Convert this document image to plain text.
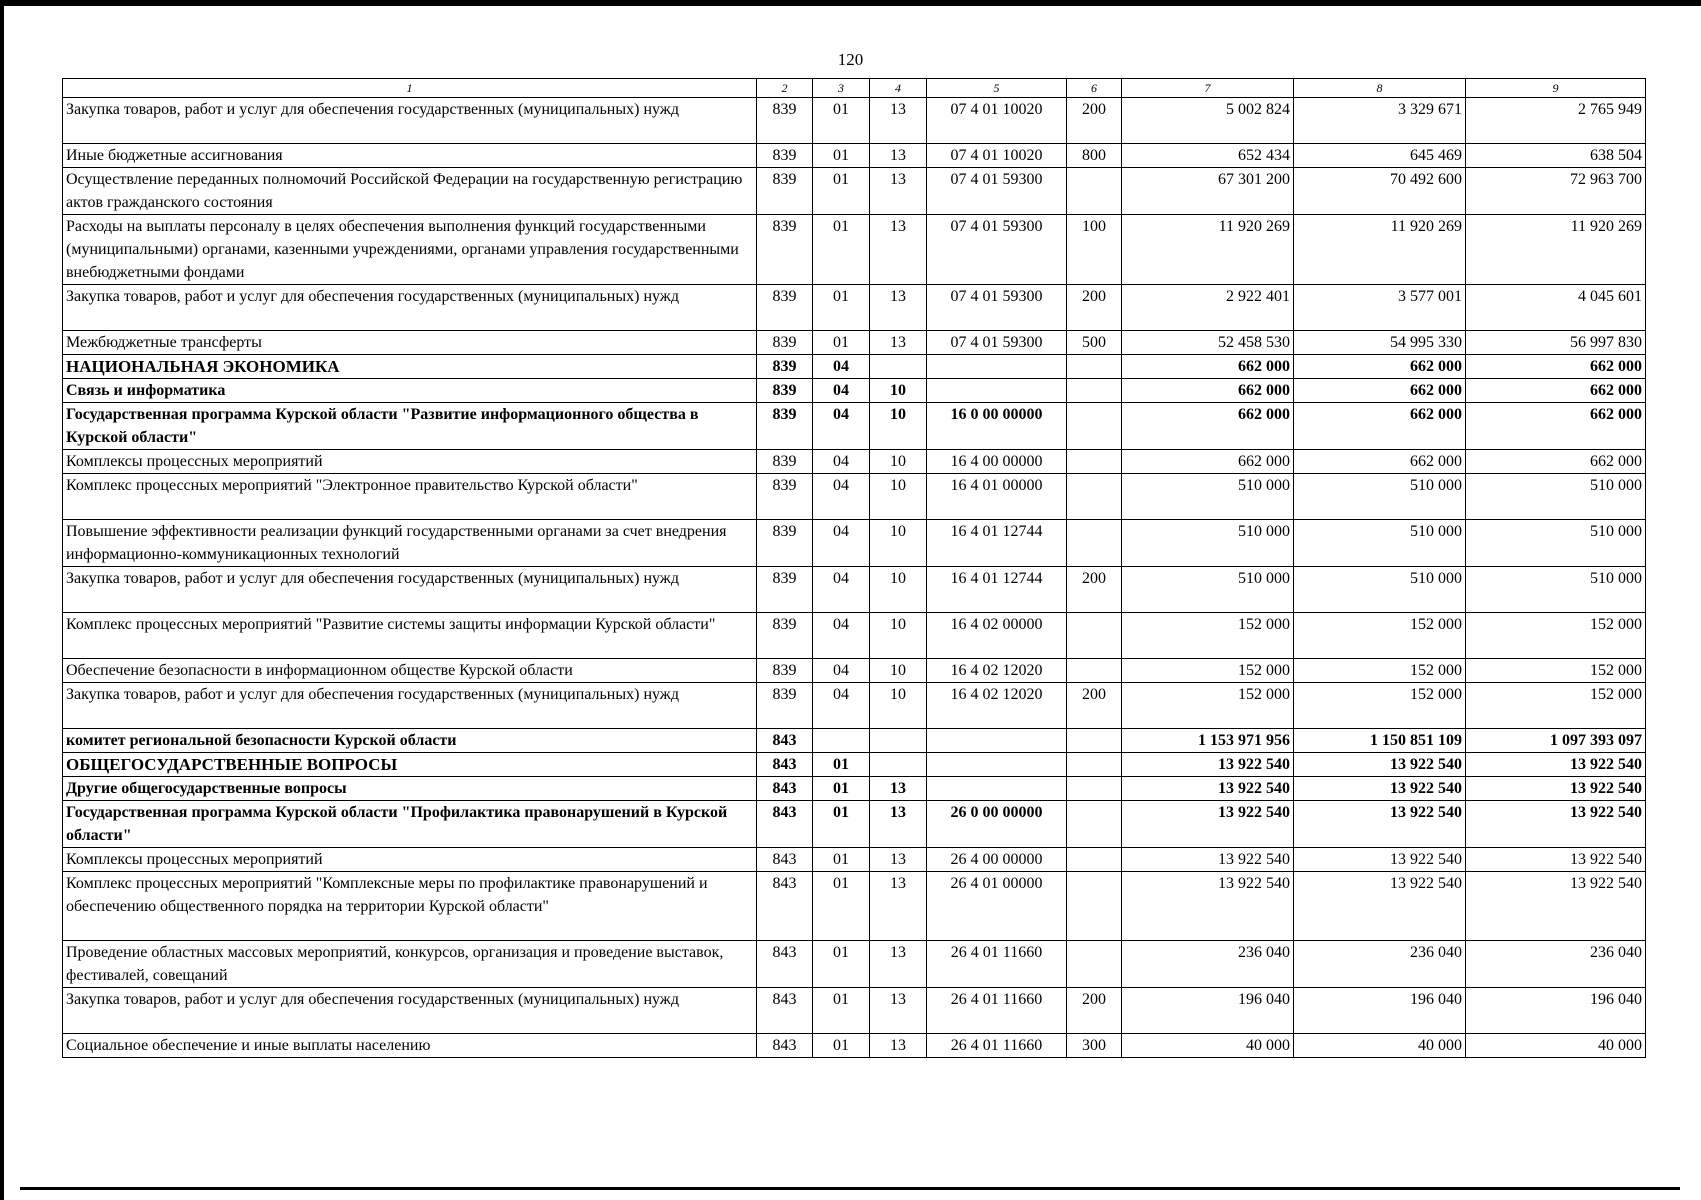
120
1	2	3	4	5	6	7	8	9
Закупка товаров, работ и услуг для обеспечения государственных (муниципальных) нужд	839	01	13	07 4 01 10020	200	5 002 824	3 329 671	2 765 949
Иные бюджетные ассигнования	839	01	13	07 4 01 10020	800	652 434	645 469	638 504
Осуществление переданных полномочий Российской Федерации на государственную регистрацию актов гражданского состояния	839	01	13	07 4 01 59300		67 301 200	70 492 600	72 963 700
Расходы на выплаты персоналу в целях обеспечения выполнения функций государственными (муниципальными) органами, казенными учреждениями, органами управления государственными внебюджетными фондами	839	01	13	07 4 01 59300	100	11 920 269	11 920 269	11 920 269
Закупка товаров, работ и услуг для обеспечения государственных (муниципальных) нужд	839	01	13	07 4 01 59300	200	2 922 401	3 577 001	4 045 601
Межбюджетные трансферты	839	01	13	07 4 01 59300	500	52 458 530	54 995 330	56 997 830
НАЦИОНАЛЬНАЯ ЭКОНОМИКА	839	04				662 000	662 000	662 000
Связь и информатика	839	04	10			662 000	662 000	662 000
Государственная программа Курской области "Развитие информационного общества в Курской области"	839	04	10	16 0 00 00000		662 000	662 000	662 000
Комплексы процессных мероприятий	839	04	10	16 4 00 00000		662 000	662 000	662 000
Комплекс процессных мероприятий "Электронное правительство Курской области"	839	04	10	16 4 01 00000		510 000	510 000	510 000
Повышение эффективности реализации функций государственными органами за счет внедрения информационно-коммуникационных технологий	839	04	10	16 4 01 12744		510 000	510 000	510 000
Закупка товаров, работ и услуг для обеспечения государственных (муниципальных) нужд	839	04	10	16 4 01 12744	200	510 000	510 000	510 000
Комплекс процессных мероприятий "Развитие системы защиты информации Курской области"	839	04	10	16 4 02 00000		152 000	152 000	152 000
Обеспечение безопасности в информационном обществе Курской области	839	04	10	16 4 02 12020		152 000	152 000	152 000
Закупка товаров, работ и услуг для обеспечения государственных (муниципальных) нужд	839	04	10	16 4 02 12020	200	152 000	152 000	152 000
комитет региональной безопасности Курской области	843					1 153 971 956	1 150 851 109	1 097 393 097
ОБЩЕГОСУДАРСТВЕННЫЕ ВОПРОСЫ	843	01				13 922 540	13 922 540	13 922 540
Другие общегосударственные вопросы	843	01	13			13 922 540	13 922 540	13 922 540
Государственная программа Курской области "Профилактика правонарушений в Курской области"	843	01	13	26 0 00 00000		13 922 540	13 922 540	13 922 540
Комплексы процессных мероприятий	843	01	13	26 4 00 00000		13 922 540	13 922 540	13 922 540
Комплекс процессных мероприятий "Комплексные меры по профилактике правонарушений и обеспечению общественного порядка на территории Курской области"	843	01	13	26 4 01 00000		13 922 540	13 922 540	13 922 540
Проведение областных массовых мероприятий, конкурсов, организация и проведение выставок, фестивалей, совещаний	843	01	13	26 4 01 11660		236 040	236 040	236 040
Закупка товаров, работ и услуг для обеспечения государственных (муниципальных) нужд	843	01	13	26 4 01 11660	200	196 040	196 040	196 040
Социальное обеспечение и иные выплаты населению	843	01	13	26 4 01 11660	300	40 000	40 000	40 000
